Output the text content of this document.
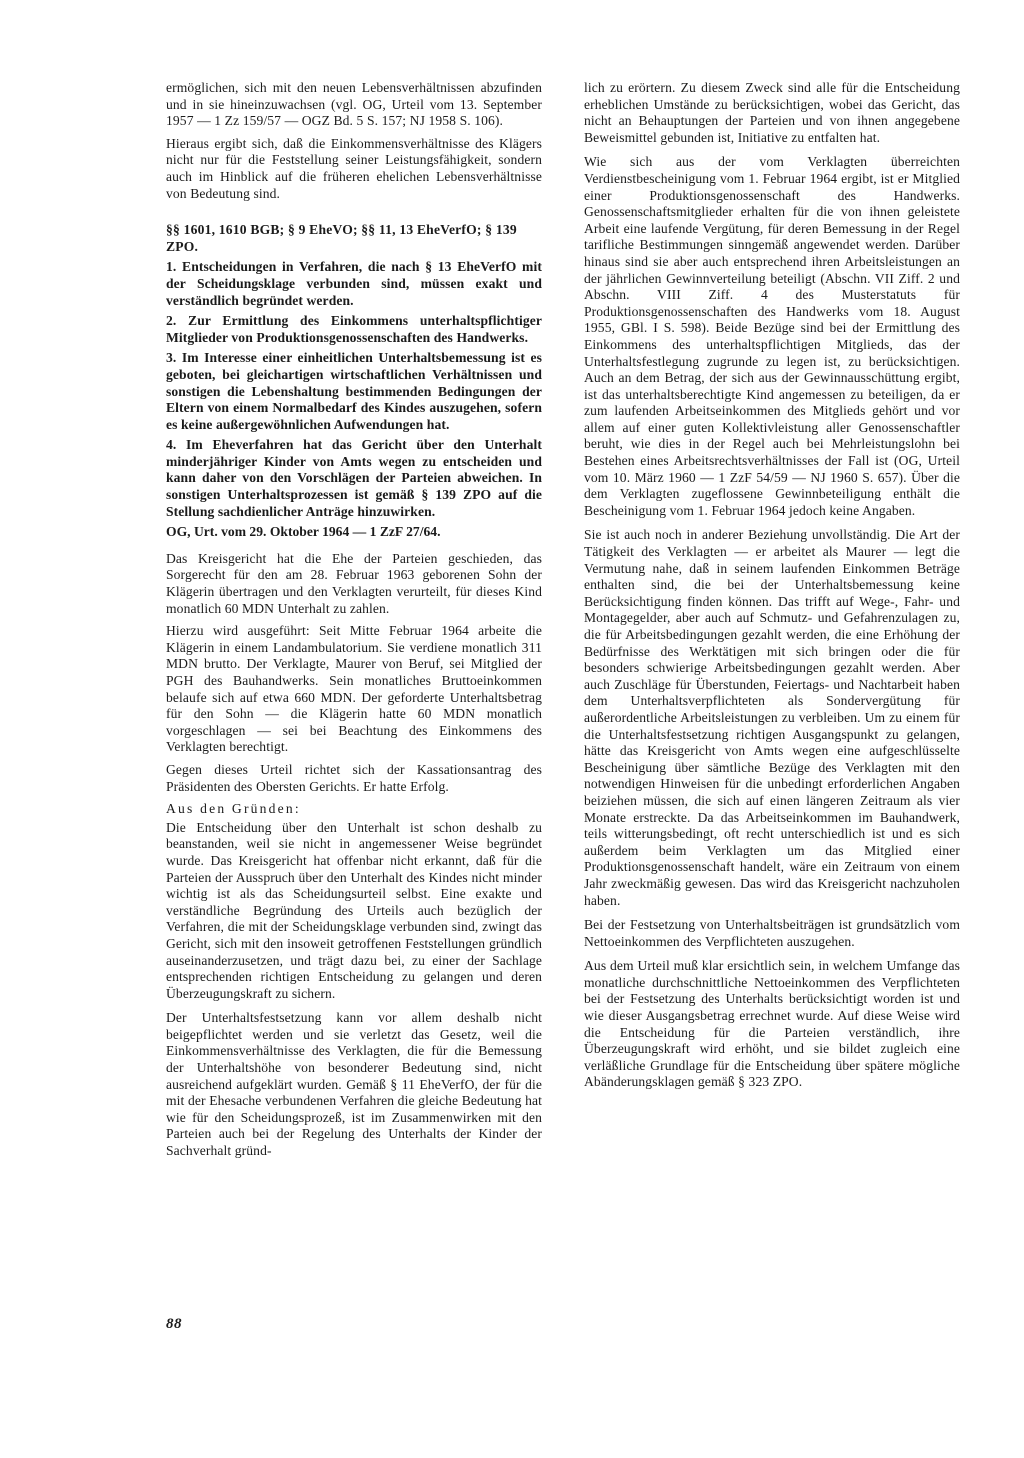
ermöglichen, sich mit den neuen Lebensverhältnissen abzufinden und in sie hineinzuwachsen (vgl. OG, Urteil vom 13. September 1957 — 1 Zz 159/57 — OGZ Bd. 5 S. 157; NJ 1958 S. 106).

Hieraus ergibt sich, daß die Einkommensverhältnisse des Klägers nicht nur für die Feststellung seiner Leistungsfähigkeit, sondern auch im Hinblick auf die früheren ehelichen Lebensverhältnisse von Bedeutung sind.

§§ 1601, 1610 BGB; § 9 EheVO; §§ 11, 13 EheVerfO; § 139 ZPO.

1. Entscheidungen in Verfahren, die nach § 13 EheVerfO mit der Scheidungsklage verbunden sind, müssen exakt und verständlich begründet werden.

2. Zur Ermittlung des Einkommens unterhaltspflichtiger Mitglieder von Produktionsgenossenschaften des Handwerks.

3. Im Interesse einer einheitlichen Unterhaltsbemessung ist es geboten, bei gleichartigen wirtschaftlichen Verhältnissen und sonstigen die Lebenshaltung bestimmenden Bedingungen der Eltern von einem Normalbedarf des Kindes auszugehen, sofern es keine außergewöhnlichen Aufwendungen hat.

4. Im Eheverfahren hat das Gericht über den Unterhalt minderjähriger Kinder von Amts wegen zu entscheiden und kann daher von den Vorschlägen der Parteien abweichen. In sonstigen Unterhaltsprozessen ist gemäß § 139 ZPO auf die Stellung sachdienlicher Anträge hinzuwirken.

OG, Urt. vom 29. Oktober 1964 — 1 ZzF 27/64.

Das Kreisgericht hat die Ehe der Parteien geschieden, das Sorgerecht für den am 28. Februar 1963 geborenen Sohn der Klägerin übertragen und den Verklagten verurteilt, für dieses Kind monatlich 60 MDN Unterhalt zu zahlen.

Hierzu wird ausgeführt: Seit Mitte Februar 1964 arbeite die Klägerin in einem Landambulatorium. Sie verdiene monatlich 311 MDN brutto. Der Verklagte, Maurer von Beruf, sei Mitglied der PGH des Bauhandwerks. Sein monatliches Bruttoeinkommen belaufe sich auf etwa 660 MDN. Der geforderte Unterhaltsbetrag für den Sohn — die Klägerin hatte 60 MDN monatlich vorgeschlagen — sei bei Beachtung des Einkommens des Verklagten berechtigt.

Gegen dieses Urteil richtet sich der Kassationsantrag des Präsidenten des Obersten Gerichts. Er hatte Erfolg.

Aus den Gründen:

Die Entscheidung über den Unterhalt ist schon deshalb zu beanstanden, weil sie nicht in angemessener Weise begründet wurde. Das Kreisgericht hat offenbar nicht erkannt, daß für die Parteien der Ausspruch über den Unterhalt des Kindes nicht minder wichtig ist als das Scheidungsurteil selbst. Eine exakte und verständliche Begründung des Urteils auch bezüglich der Verfahren, die mit der Scheidungsklage verbunden sind, zwingt das Gericht, sich mit den insoweit getroffenen Feststellungen gründlich auseinanderzusetzen, und trägt dazu bei, zu einer der Sachlage entsprechenden richtigen Entscheidung zu gelangen und deren Überzeugungskraft zu sichern.

Der Unterhaltsfestsetzung kann vor allem deshalb nicht beigepflichtet werden und sie verletzt das Gesetz, weil die Einkommensverhältnisse des Verklagten, die für die Bemessung der Unterhaltshöhe von besonderer Bedeutung sind, nicht ausreichend aufgeklärt wurden. Gemäß § 11 EheVerfO, der für die mit der Ehesache verbundenen Verfahren die gleiche Bedeutung hat wie für den Scheidungsprozeß, ist im Zusammenwirken mit den Parteien auch bei der Regelung des Unterhalts der Kinder der Sachverhalt gründ-

lich zu erörtern. Zu diesem Zweck sind alle für die Entscheidung erheblichen Umstände zu berücksichtigen, wobei das Gericht, das nicht an Behauptungen der Parteien und von ihnen angegebene Beweismittel gebunden ist, Initiative zu entfalten hat.

Wie sich aus der vom Verklagten überreichten Verdienstbescheinigung vom 1. Februar 1964 ergibt, ist er Mitglied einer Produktionsgenossenschaft des Handwerks. Genossenschaftsmitglieder erhalten für die von ihnen geleistete Arbeit eine laufende Vergütung, für deren Bemessung in der Regel tarifliche Bestimmungen sinngemäß angewendet werden. Darüber hinaus sind sie aber auch entsprechend ihren Arbeitsleistungen an der jährlichen Gewinnverteilung beteiligt (Abschn. VII Ziff. 2 und Abschn. VIII Ziff. 4 des Musterstatuts für Produktionsgenossenschaften des Handwerks vom 18. August 1955, GBl. I S. 598). Beide Bezüge sind bei der Ermittlung des Einkommens des unterhaltspflichtigen Mitglieds, das der Unterhaltsfestlegung zugrunde zu legen ist, zu berücksichtigen. Auch an dem Betrag, der sich aus der Gewinnausschüttung ergibt, ist das unterhaltsberechtigte Kind angemessen zu beteiligen, da er zum laufenden Arbeitseinkommen des Mitglieds gehört und vor allem auf einer guten Kollektivleistung aller Genossenschaftler beruht, wie dies in der Regel auch bei Mehrleistungslohn bei Bestehen eines Arbeitsrechtsverhältnisses der Fall ist (OG, Urteil vom 10. März 1960 — 1 ZzF 54/59 — NJ 1960 S. 657). Über die dem Verklagten zugeflossene Gewinnbeteiligung enthält die Bescheinigung vom 1. Februar 1964 jedoch keine Angaben.

Sie ist auch noch in anderer Beziehung unvollständig. Die Art der Tätigkeit des Verklagten — er arbeitet als Maurer — legt die Vermutung nahe, daß in seinem laufenden Einkommen Beträge enthalten sind, die bei der Unterhaltsbemessung keine Berücksichtigung finden können. Das trifft auf Wege-, Fahr- und Montagegelder, aber auch auf Schmutz- und Gefahrenzulagen zu, die für Arbeitsbedingungen gezahlt werden, die eine Erhöhung der Bedürfnisse des Werktätigen mit sich bringen oder die für besonders schwierige Arbeitsbedingungen gezahlt werden. Aber auch Zuschläge für Überstunden, Feiertags- und Nachtarbeit haben dem Unterhaltsverpflichteten als Sondervergütung für außerordentliche Arbeitsleistungen zu verbleiben. Um zu einem für die Unterhaltsfestsetzung richtigen Ausgangspunkt zu gelangen, hätte das Kreisgericht von Amts wegen eine aufgeschlüsselte Bescheinigung über sämtliche Bezüge des Verklagten mit den notwendigen Hinweisen für die unbedingt erforderlichen Angaben beiziehen müssen, die sich auf einen längeren Zeitraum als vier Monate erstreckte. Da das Arbeitseinkommen im Bauhandwerk, teils witterungsbedingt, oft recht unterschiedlich ist und es sich außerdem beim Verklagten um das Mitglied einer Produktionsgenossenschaft handelt, wäre ein Zeitraum von einem Jahr zweckmäßig gewesen. Das wird das Kreisgericht nachzuholen haben.

Bei der Festsetzung von Unterhaltsbeiträgen ist grundsätzlich vom Nettoeinkommen des Verpflichteten auszugehen.

Aus dem Urteil muß klar ersichtlich sein, in welchem Umfange das monatliche durchschnittliche Nettoeinkommen des Verpflichteten bei der Festsetzung des Unterhalts berücksichtigt worden ist und wie dieser Ausgangsbetrag errechnet wurde. Auf diese Weise wird die Entscheidung für die Parteien verständlich, ihre Überzeugungskraft wird erhöht, und sie bildet zugleich eine verläßliche Grundlage für die Entscheidung über spätere mögliche Abänderungsklagen gemäß § 323 ZPO.

88
